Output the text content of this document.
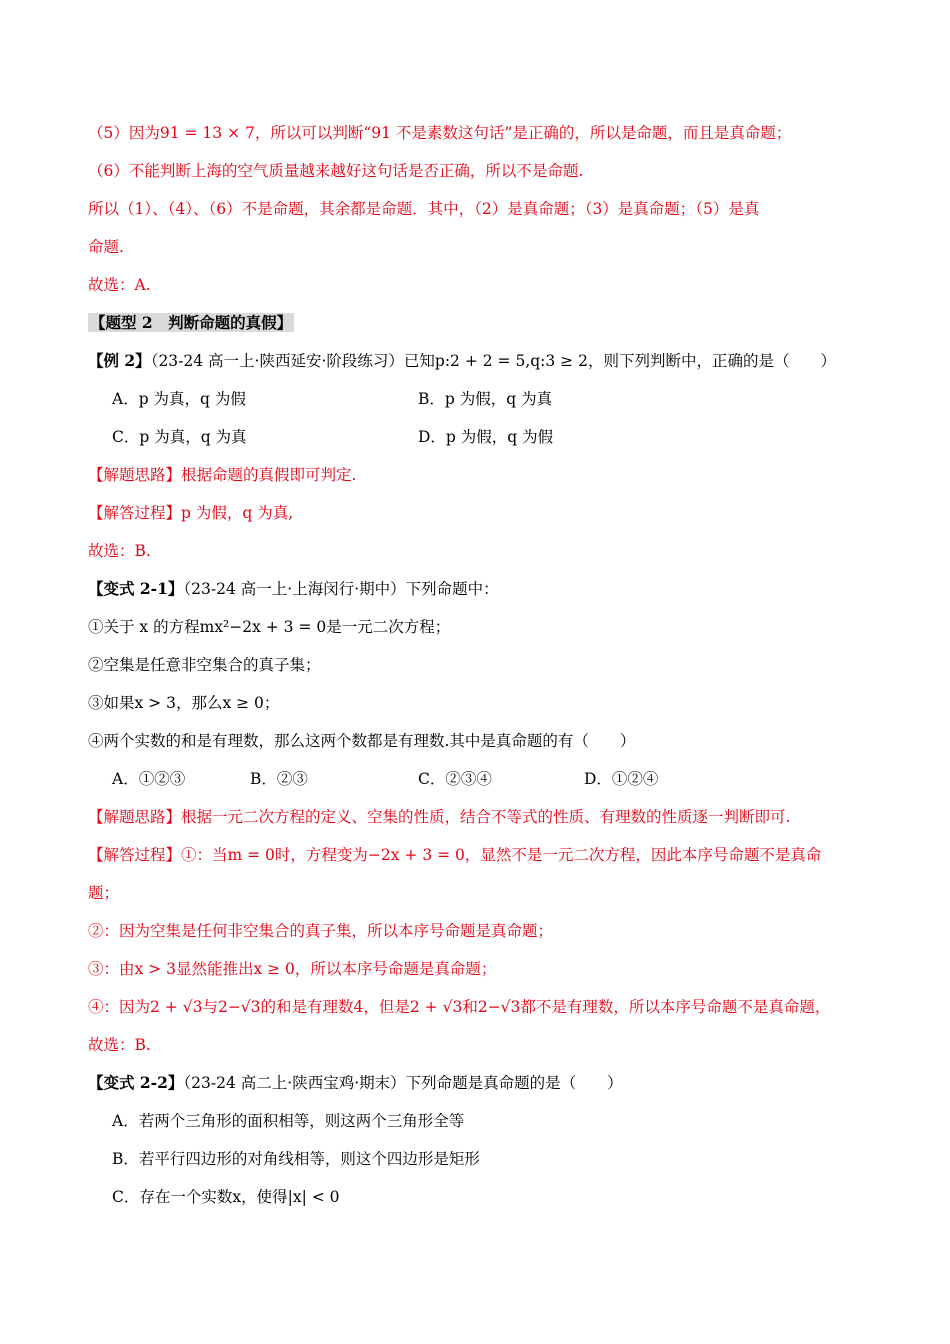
（5）因为91 = 13 × 7，所以可以判断“91 不是素数这句话”是正确的，所以是命题，而且是真命题；
（6）不能判断上海的空气质量越来越好这句话是否正确，所以不是命题.
所以（1）、（4）、（6）不是命题，其余都是命题．其中，（2）是真命题；（3）是真命题；（5）是真
命题.
故选：A.
【题型 2　判断命题的真假】
【例 2】（23-24 高一上·陕西延安·阶段练习）已知p:2 + 2 = 5,q:3 ≥ 2，则下列判断中，正确的是（　　）
A．p 为真，q 为假	B．p 为假，q 为真
C．p 为真，q 为真	D．p 为假，q 为假
【解题思路】根据命题的真假即可判定.
【解答过程】p 为假，q 为真,
故选：B.
【变式 2-1】（23-24 高一上·上海闵行·期中）下列命题中：
①关于 x 的方程mx²−2x + 3 = 0是一元二次方程；
②空集是任意非空集合的真子集；
③如果x > 3，那么x ≥ 0；
④两个实数的和是有理数，那么这两个数都是有理数.其中是真命题的有（　　）
A．①②③	B．②③	C．②③④	D．①②④
【解题思路】根据一元二次方程的定义、空集的性质，结合不等式的性质、有理数的性质逐一判断即可.
【解答过程】①：当m = 0时，方程变为−2x + 3 = 0，显然不是一元二次方程，因此本序号命题不是真命
题；
②：因为空集是任何非空集合的真子集，所以本序号命题是真命题；
③：由x > 3显然能推出x ≥ 0，所以本序号命题是真命题；
④：因为2 + √3与2−√3的和是有理数4，但是2 + √3和2−√3都不是有理数，所以本序号命题不是真命题，
故选：B.
【变式 2-2】（23-24 高二上·陕西宝鸡·期末）下列命题是真命题的是（　　）
A．若两个三角形的面积相等，则这两个三角形全等
B．若平行四边形的对角线相等，则这个四边形是矩形
C．存在一个实数x，使得|x| < 0
